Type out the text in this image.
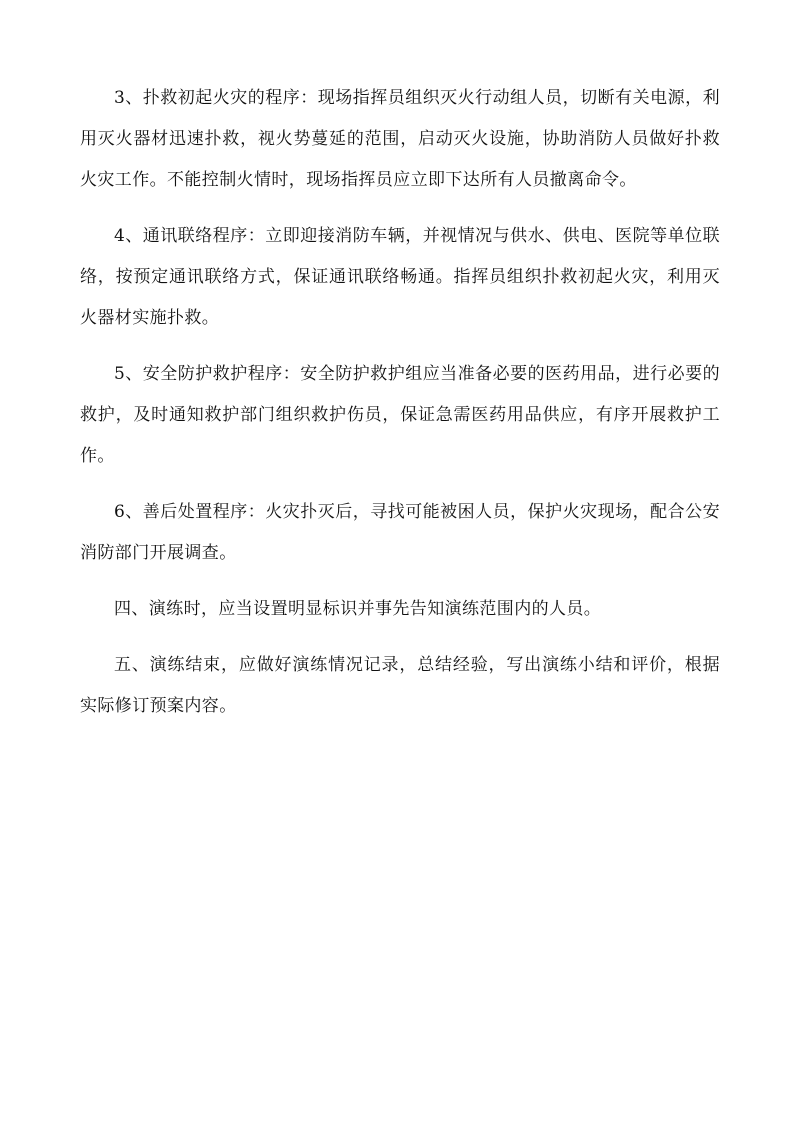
3、扑救初起火灾的程序：现场指挥员组织灭火行动组人员，切断有关电源，利用灭火器材迅速扑救，视火势蔓延的范围，启动灭火设施，协助消防人员做好扑救火灾工作。不能控制火情时，现场指挥员应立即下达所有人员撤离命令。

4、通讯联络程序：立即迎接消防车辆，并视情况与供水、供电、医院等单位联络，按预定通讯联络方式，保证通讯联络畅通。指挥员组织扑救初起火灾，利用灭火器材实施扑救。

5、安全防护救护程序：安全防护救护组应当准备必要的医药用品，进行必要的救护，及时通知救护部门组织救护伤员，保证急需医药用品供应，有序开展救护工作。

6、善后处置程序：火灾扑灭后，寻找可能被困人员，保护火灾现场，配合公安消防部门开展调查。

四、演练时，应当设置明显标识并事先告知演练范围内的人员。

五、演练结束，应做好演练情况记录，总结经验，写出演练小结和评价，根据实际修订预案内容。
